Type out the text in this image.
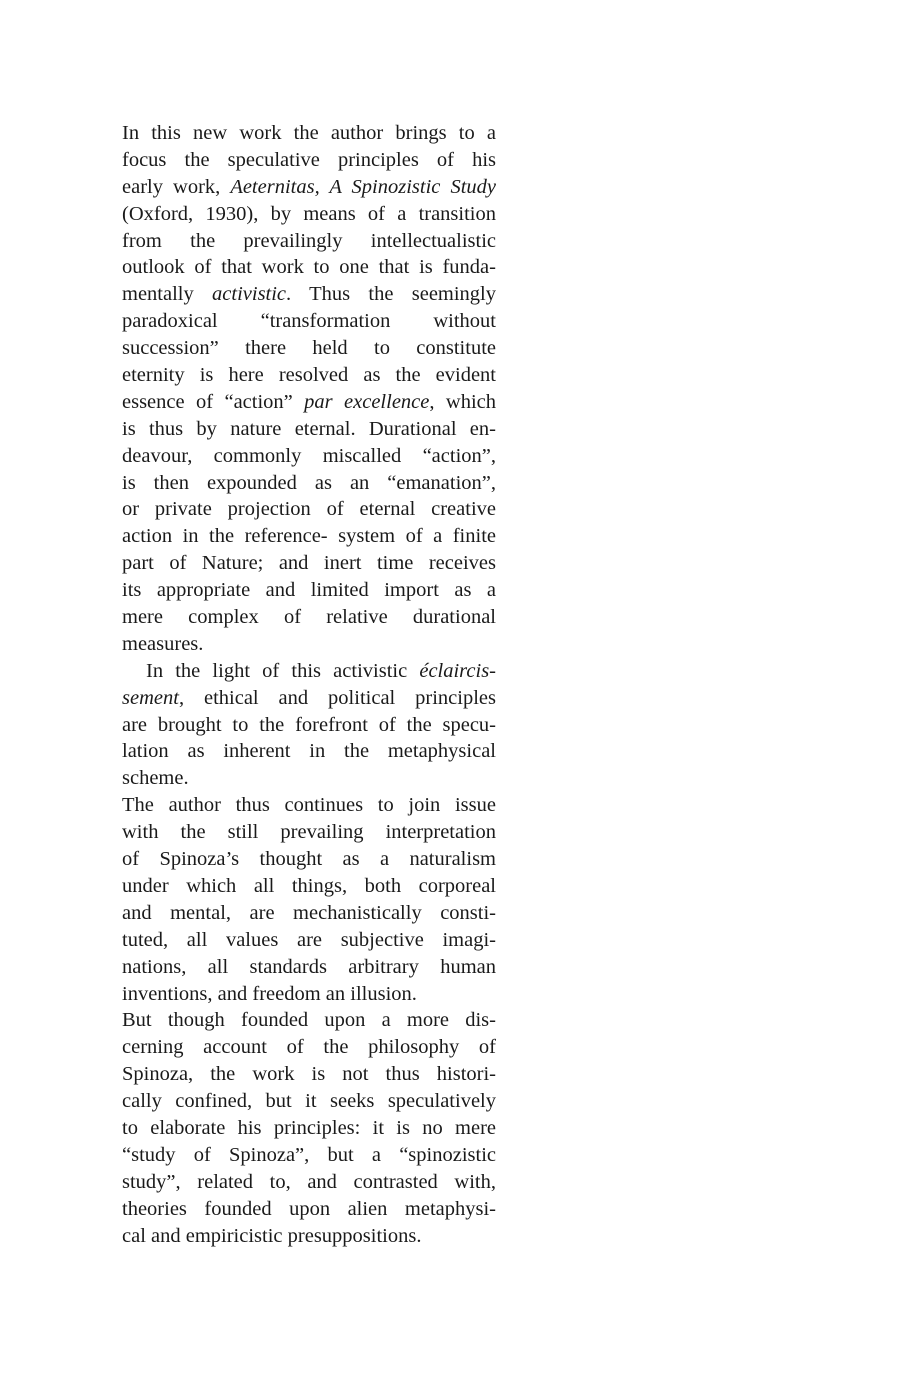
In this new work the author brings to a
focus the speculative principles of his
early work, Aeternitas, A Spinozistic Study
(Oxford, 1930), by means of a transition
from the prevailingly intellectualistic
outlook of that work to one that is funda-
mentally activistic. Thus the seemingly
paradoxical “transformation without
succession” there held to constitute
eternity is here resolved as the evident
essence of “action” par excellence, which
is thus by nature eternal. Durational en-
deavour, commonly miscalled “action”,
is then expounded as an “emanation”,
or private projection of eternal creative
action in the reference- system of a finite
part of Nature; and inert time receives
its appropriate and limited import as a
mere complex of relative durational
measures.
In the light of this activistic éclaircis-
sement, ethical and political principles
are brought to the forefront of the specu-
lation as inherent in the metaphysical
scheme.
The author thus continues to join issue
with the still prevailing interpretation
of Spinoza’s thought as a naturalism
under which all things, both corporeal
and mental, are mechanistically consti-
tuted, all values are subjective imagi-
nations, all standards arbitrary human
inventions, and freedom an illusion.
But though founded upon a more dis-
cerning account of the philosophy of
Spinoza, the work is not thus histori-
cally confined, but it seeks speculatively
to elaborate his principles: it is no mere
“study of Spinoza”, but a “spinozistic
study”, related to, and contrasted with,
theories founded upon alien metaphysi-
cal and empiricistic presuppositions.
